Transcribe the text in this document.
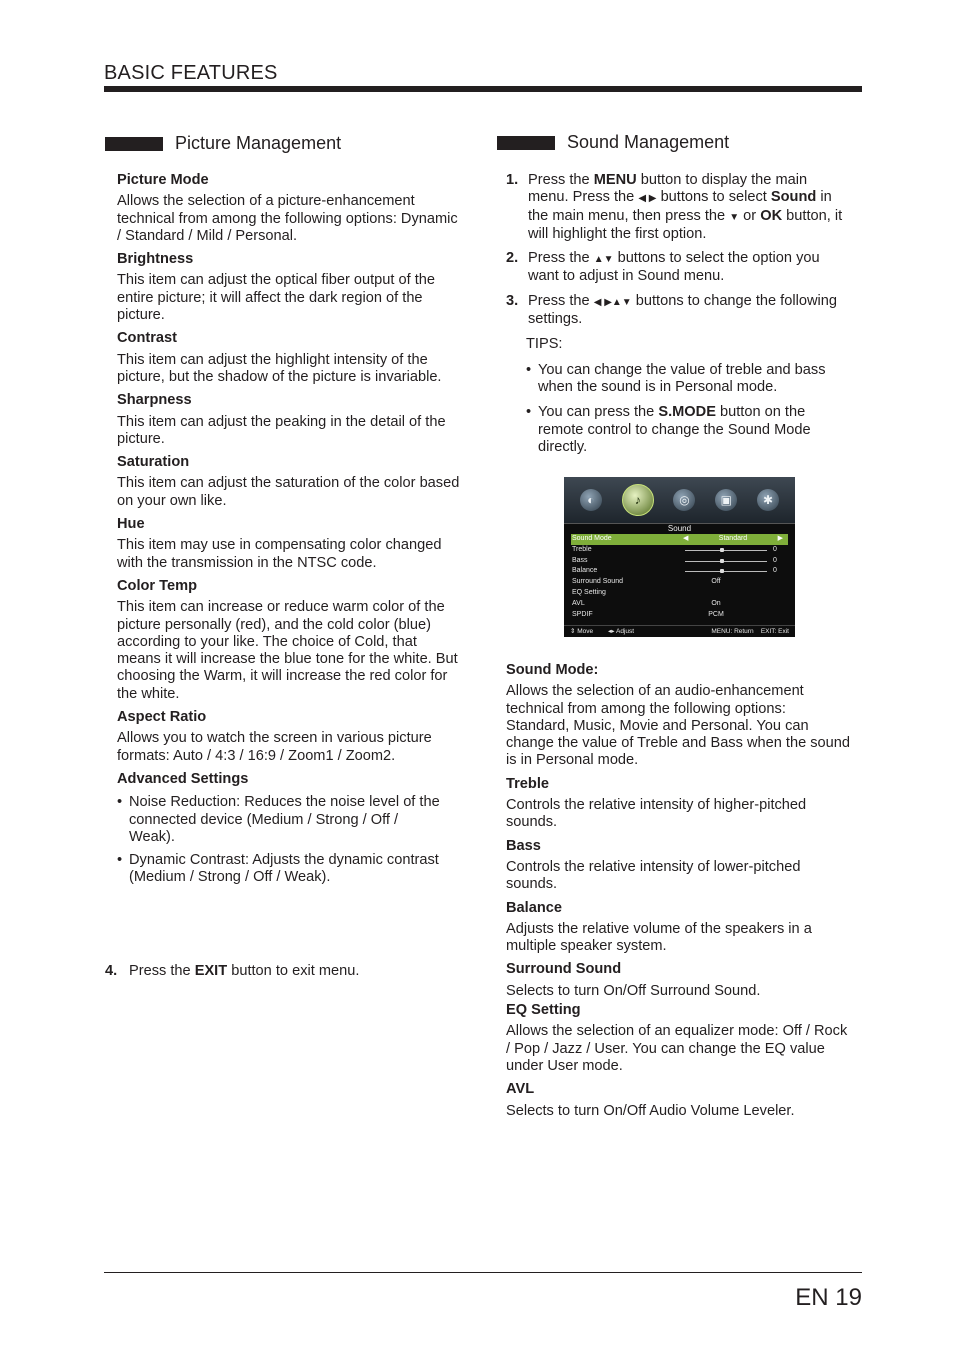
BASIC FEATURES
Picture Management

Picture Mode

Allows the selection of a picture-enhancement technical from among the following options: Dynamic / Standard / Mild / Personal.

Brightness

This item can adjust the optical fiber output of the entire picture; it will affect the dark region of the picture.

Contrast

This item can adjust the highlight intensity of the picture, but the shadow of the picture is invariable.

Sharpness

This item can adjust the peaking in the detail of the picture.

Saturation

This item can adjust the saturation of the color based on your own like.

Hue

This item may use in compensating color changed with the transmission in the NTSC code.

Color Temp

This item can increase or reduce warm color of the picture personally (red), and the cold color (blue) according to your like. The choice of Cold, that means it will increase the blue tone for the white. But choosing the Warm, it will increase the red color for the white.

Aspect Ratio

Allows you to watch the screen in various picture formats: Auto / 4:3 / 16:9 / Zoom1 / Zoom2.

Advanced Settings

• Noise Reduction: Reduces the noise level of the connected device (Medium / Strong / Off / Weak).
• Dynamic Contrast: Adjusts the dynamic contrast (Medium / Strong / Off / Weak).
4. Press the EXIT button to exit menu.
Sound Management
1. Press the MENU button to display the main menu. Press the ◀ ▶ buttons to select Sound in the main menu, then press the ▼ or OK button, it will highlight the first option.
2. Press the ▲▼ buttons to select the option you want to adjust in Sound menu.
3. Press the ◀ ▶▲▼ buttons to change the following settings.

TIPS:

• You can change the value of treble and bass when the sound is in Personal mode.
• You can press the S.MODE button on the remote control to change the Sound Mode directly.
◐	♪	◎	▣	✱
Sound
Sound Mode	◀	Standard	▶
Treble	0
Bass	0
Balance	0
Surround Sound	Off
EQ Setting
AVL	On
SPDIF	PCM
⇕ Move ◂▸ Adjust	MENU: Return EXIT: Exit

Sound Mode:

Allows the selection of an audio-enhancement technical from among the following options: Standard, Music, Movie and Personal. You can change the value of Treble and Bass when the sound is in Personal mode.

Treble

Controls the relative intensity of higher-pitched sounds.

Bass

Controls the relative intensity of lower-pitched sounds.

Balance

Adjusts the relative volume of the speakers in a multiple speaker system.

Surround Sound

Selects to turn On/Off Surround Sound.

EQ Setting

Allows the selection of an equalizer mode: Off / Rock / Pop / Jazz / User. You can change the EQ value under User mode.

AVL

Selects to turn On/Off Audio Volume Leveler.

EN 19
